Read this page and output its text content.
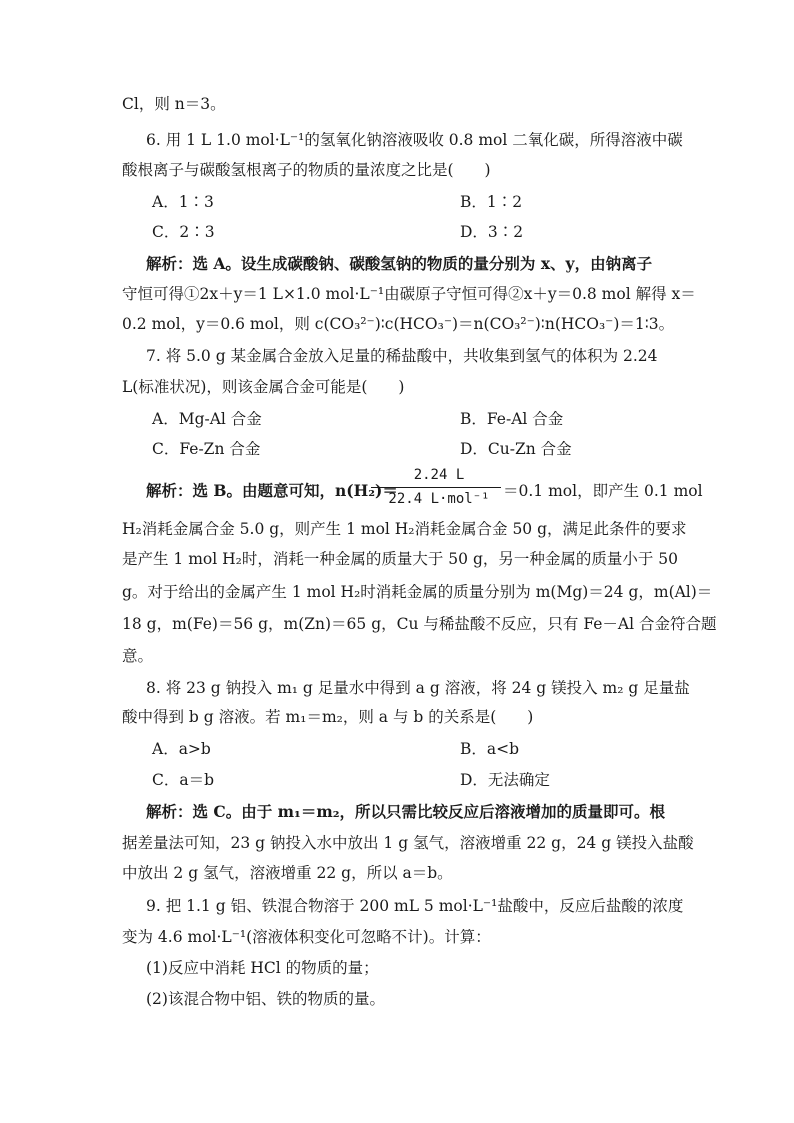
Cl，则 n＝3。
6. 用 1 L 1.0 mol·L⁻¹的氢氧化钠溶液吸收 0.8 mol 二氧化碳，所得溶液中碳
酸根离子与碳酸氢根离子的物质的量浓度之比是(　　)
A．1∶3	B．1∶2
C．2∶3	D．3∶2
解析：选 A。设生成碳酸钠、碳酸氢钠的物质的量分别为 x、y，由钠离子
守恒可得①2x＋y＝1 L×1.0 mol·L⁻¹由碳原子守恒可得②x＋y＝0.8 mol 解得 x＝
0.2 mol，y＝0.6 mol，则 c(CO₃²⁻)∶c(HCO₃⁻)＝n(CO₃²⁻)∶n(HCO₃⁻)＝1∶3。
7. 将 5.0 g 某金属合金放入足量的稀盐酸中，共收集到氢气的体积为 2.24
L(标准状况)，则该金属合金可能是(　　)
A．Mg-Al 合金	B．Fe-Al 合金
C．Fe-Zn 合金	D．Cu-Zn 合金
解析：选 B。由题意可知，n(H₂)＝
2.24 L
22.4 L·mol⁻¹ ＝0.1 mol，即产生 0.1 mol
H₂消耗金属合金 5.0 g，则产生 1 mol H₂消耗金属合金 50 g，满足此条件的要求
是产生 1 mol H₂时，消耗一种金属的质量大于 50 g，另一种金属的质量小于 50
g。对于给出的金属产生 1 mol H₂时消耗金属的质量分别为 m(Mg)＝24 g，m(Al)＝
18 g，m(Fe)＝56 g，m(Zn)＝65 g，Cu 与稀盐酸不反应，只有 Fe－Al 合金符合题
意。
8. 将 23 g 钠投入 m₁ g 足量水中得到 a g 溶液，将 24 g 镁投入 m₂ g 足量盐
酸中得到 b g 溶液。若 m₁＝m₂，则 a 与 b 的关系是(　　)
A．a>b	B．a<b
C．a＝b	D．无法确定
解析：选 C。由于 m₁＝m₂，所以只需比较反应后溶液增加的质量即可。根
据差量法可知，23 g 钠投入水中放出 1 g 氢气，溶液增重 22 g，24 g 镁投入盐酸
中放出 2 g 氢气，溶液增重 22 g，所以 a＝b。
9. 把 1.1 g 铝、铁混合物溶于 200 mL 5 mol·L⁻¹盐酸中，反应后盐酸的浓度
变为 4.6 mol·L⁻¹(溶液体积变化可忽略不计)。计算：
(1)反应中消耗 HCl 的物质的量；
(2)该混合物中铝、铁的物质的量。
